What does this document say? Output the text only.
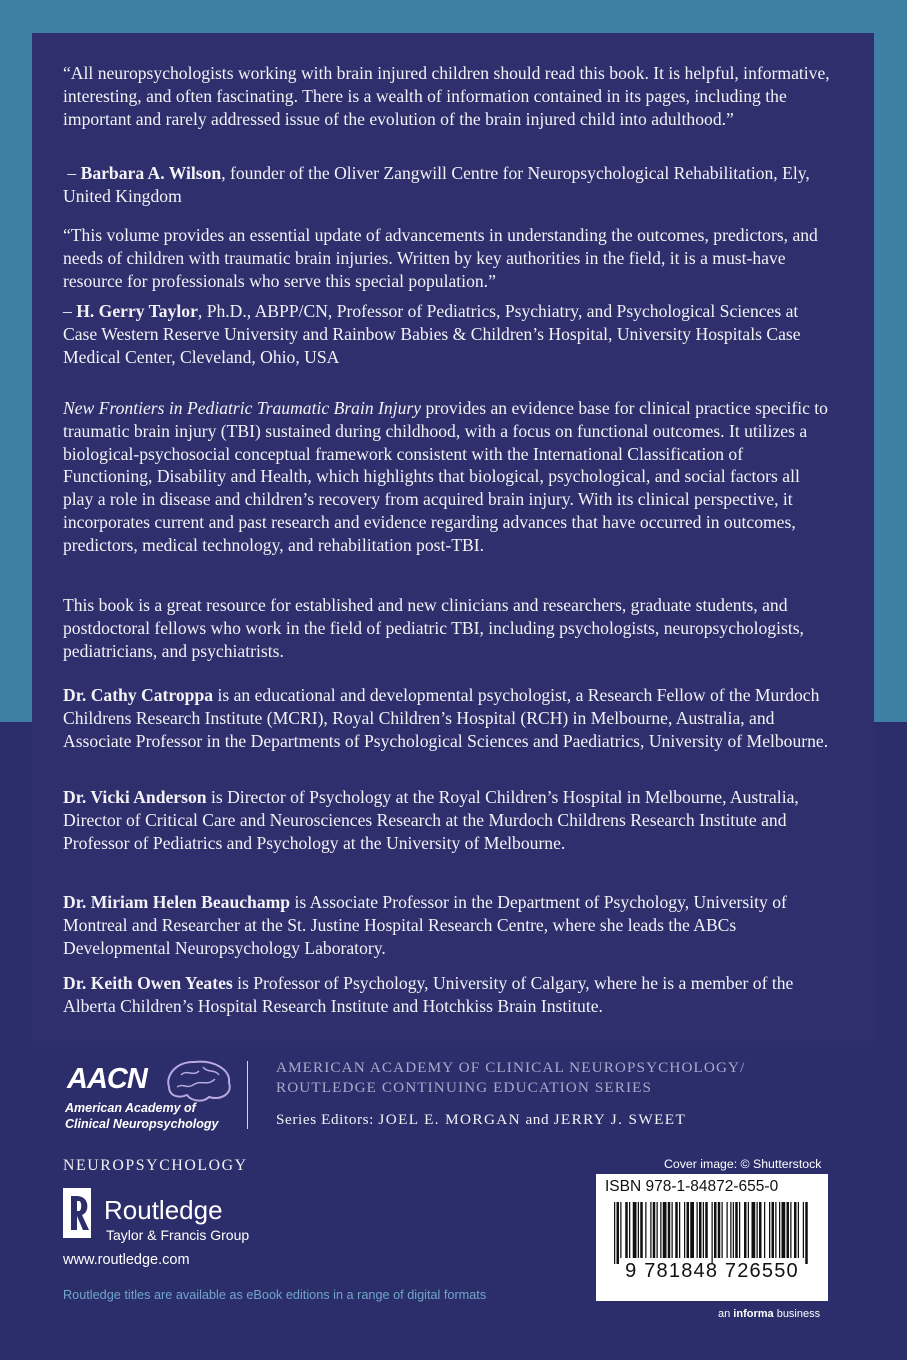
“All neuropsychologists working with brain injured children should read this book. It is helpful, informative, interesting, and often fascinating. There is a wealth of information contained in its pages, including the important and rarely addressed issue of the evolution of the brain injured child into adulthood.”

– Barbara A. Wilson, founder of the Oliver Zangwill Centre for Neuropsychological Rehabilitation, Ely, United Kingdom

“This volume provides an essential update of advancements in understanding the outcomes, predictors, and needs of children with traumatic brain injuries. Written by key authorities in the field, it is a must-have resource for professionals who serve this special population.”

– H. Gerry Taylor, Ph.D., ABPP/CN, Professor of Pediatrics, Psychiatry, and Psychological Sciences at Case Western Reserve University and Rainbow Babies & Children’s Hospital, University Hospitals Case Medical Center, Cleveland, Ohio, USA

New Frontiers in Pediatric Traumatic Brain Injury provides an evidence base for clinical practice specific to traumatic brain injury (TBI) sustained during childhood, with a focus on functional outcomes. It utilizes a biological-psychosocial conceptual framework consistent with the International Classification of Functioning, Disability and Health, which highlights that biological, psychological, and social factors all play a role in disease and children’s recovery from acquired brain injury. With its clinical perspective, it incorporates current and past research and evidence regarding advances that have occurred in outcomes, predictors, medical technology, and rehabilitation post-TBI.

This book is a great resource for established and new clinicians and researchers, graduate students, and postdoctoral fellows who work in the field of pediatric TBI, including psychologists, neuropsychologists, pediatricians, and psychiatrists.

Dr. Cathy Catroppa is an educational and developmental psychologist, a Research Fellow of the Murdoch Childrens Research Institute (MCRI), Royal Children’s Hospital (RCH) in Melbourne, Australia, and Associate Professor in the Departments of Psychological Sciences and Paediatrics, University of Melbourne.

Dr. Vicki Anderson is Director of Psychology at the Royal Children’s Hospital in Melbourne, Australia, Director of Critical Care and Neurosciences Research at the Murdoch Childrens Research Institute and Professor of Pediatrics and Psychology at the University of Melbourne.

Dr. Miriam Helen Beauchamp is Associate Professor in the Department of Psychology, University of Montreal and Researcher at the St. Justine Hospital Research Centre, where she leads the ABCs Developmental Neuropsychology Laboratory.

Dr. Keith Owen Yeates is Professor of Psychology, University of Calgary, where he is a member of the Alberta Children’s Hospital Research Institute and Hotchkiss Brain Institute.

AACN
American Academy of
Clinical Neuropsychology
AMERICAN ACADEMY OF CLINICAL NEUROPSYCHOLOGY/
ROUTLEDGE CONTINUING EDUCATION SERIES
Series Editors: JOEL E. MORGAN and JERRY J. SWEET
NEUROPSYCHOLOGY
Routledge
Taylor & Francis Group
www.routledge.com
Routledge titles are available as eBook editions in a range of digital formats
Cover image: © Shutterstock
ISBN 978-1-84872-655-0
9 781848 726550
an informa business
